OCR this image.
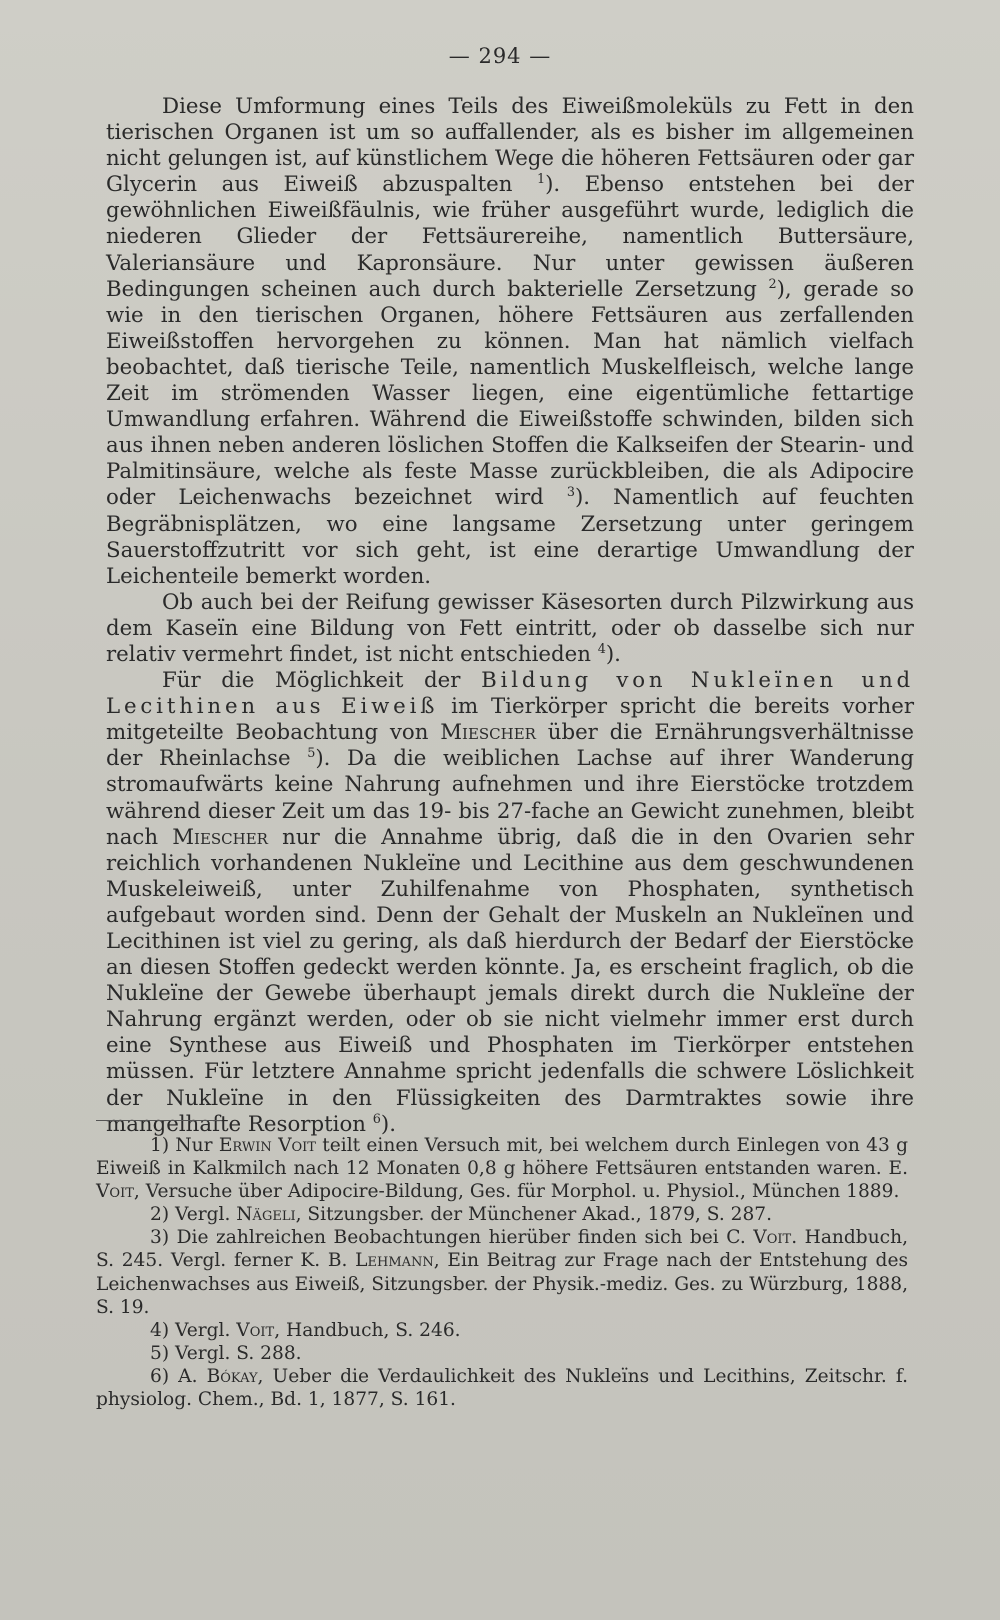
— 294 —

Diese Umformung eines Teils des Eiweißmoleküls zu Fett in den tierischen Organen ist um so auffallender, als es bisher im allgemeinen nicht gelungen ist, auf künstlichem Wege die höheren Fettsäuren oder gar Glycerin aus Eiweiß abzuspalten $^1$). Ebenso entstehen bei der gewöhnlichen Eiweißfäulnis, wie früher ausgeführt wurde, lediglich die niederen Glieder der Fettsäurereihe, namentlich Buttersäure, Valeriansäure und Kapronsäure. Nur unter gewissen äußeren Bedingungen scheinen auch durch bakterielle Zersetzung $^2$), gerade so wie in den tierischen Organen, höhere Fettsäuren aus zerfallenden Eiweißstoffen hervorgehen zu können. Man hat nämlich vielfach beobachtet, daß tierische Teile, namentlich Muskelfleisch, welche lange Zeit im strömenden Wasser liegen, eine eigentümliche fettartige Umwandlung erfahren. Während die Eiweißstoffe schwinden, bilden sich aus ihnen neben anderen löslichen Stoffen die Kalkseifen der Stearin- und Palmitinsäure, welche als feste Masse zurückbleiben, die als Adipocire oder Leichenwachs bezeichnet wird $^3$). Namentlich auf feuchten Begräbnisplätzen, wo eine langsame Zersetzung unter geringem Sauerstoffzutritt vor sich geht, ist eine derartige Umwandlung der Leichenteile bemerkt worden.

Ob auch bei der Reifung gewisser Käsesorten durch Pilzwirkung aus dem Kaseïn eine Bildung von Fett eintritt, oder ob dasselbe sich nur relativ vermehrt findet, ist nicht entschieden $^4$).

Für die Möglichkeit der Bildung von Nukleïnen und Lecithinen aus Eiweiß im Tierkörper spricht die bereits vorher mitgeteilte Beobachtung von Miescher über die Ernährungsverhältnisse der Rheinlachse $^5$). Da die weiblichen Lachse auf ihrer Wanderung stromaufwärts keine Nahrung aufnehmen und ihre Eierstöcke trotzdem während dieser Zeit um das 19- bis 27-fache an Gewicht zunehmen, bleibt nach Miescher nur die Annahme übrig, daß die in den Ovarien sehr reichlich vorhandenen Nukleïne und Lecithine aus dem geschwundenen Muskeleiweiß, unter Zuhilfenahme von Phosphaten, synthetisch aufgebaut worden sind. Denn der Gehalt der Muskeln an Nukleïnen und Lecithinen ist viel zu gering, als daß hierdurch der Bedarf der Eierstöcke an diesen Stoffen gedeckt werden könnte. Ja, es erscheint fraglich, ob die Nukleïne der Gewebe überhaupt jemals direkt durch die Nukleïne der Nahrung ergänzt werden, oder ob sie nicht vielmehr immer erst durch eine Synthese aus Eiweiß und Phosphaten im Tierkörper entstehen müssen. Für letztere Annahme spricht jedenfalls die schwere Löslichkeit der Nukleïne in den Flüssigkeiten des Darmtraktes sowie ihre mangelhafte Resorption $^6$).

1) Nur Erwin Voit teilt einen Versuch mit, bei welchem durch Einlegen von 43 g Eiweiß in Kalkmilch nach 12 Monaten 0,8 g höhere Fettsäuren entstanden waren. E. Voit, Versuche über Adipocire-Bildung, Ges. für Morphol. u. Physiol., München 1889.

2) Vergl. Nägeli, Sitzungsber. der Münchener Akad., 1879, S. 287.

3) Die zahlreichen Beobachtungen hierüber finden sich bei C. Voit. Handbuch, S. 245. Vergl. ferner K. B. Lehmann, Ein Beitrag zur Frage nach der Entstehung des Leichenwachses aus Eiweiß, Sitzungsber. der Physik.-mediz. Ges. zu Würzburg, 1888, S. 19.

4) Vergl. Voit, Handbuch, S. 246.

5) Vergl. S. 288.

6) A. Bókay, Ueber die Verdaulichkeit des Nukleïns und Lecithins, Zeitschr. f. physiolog. Chem., Bd. 1, 1877, S. 161.
